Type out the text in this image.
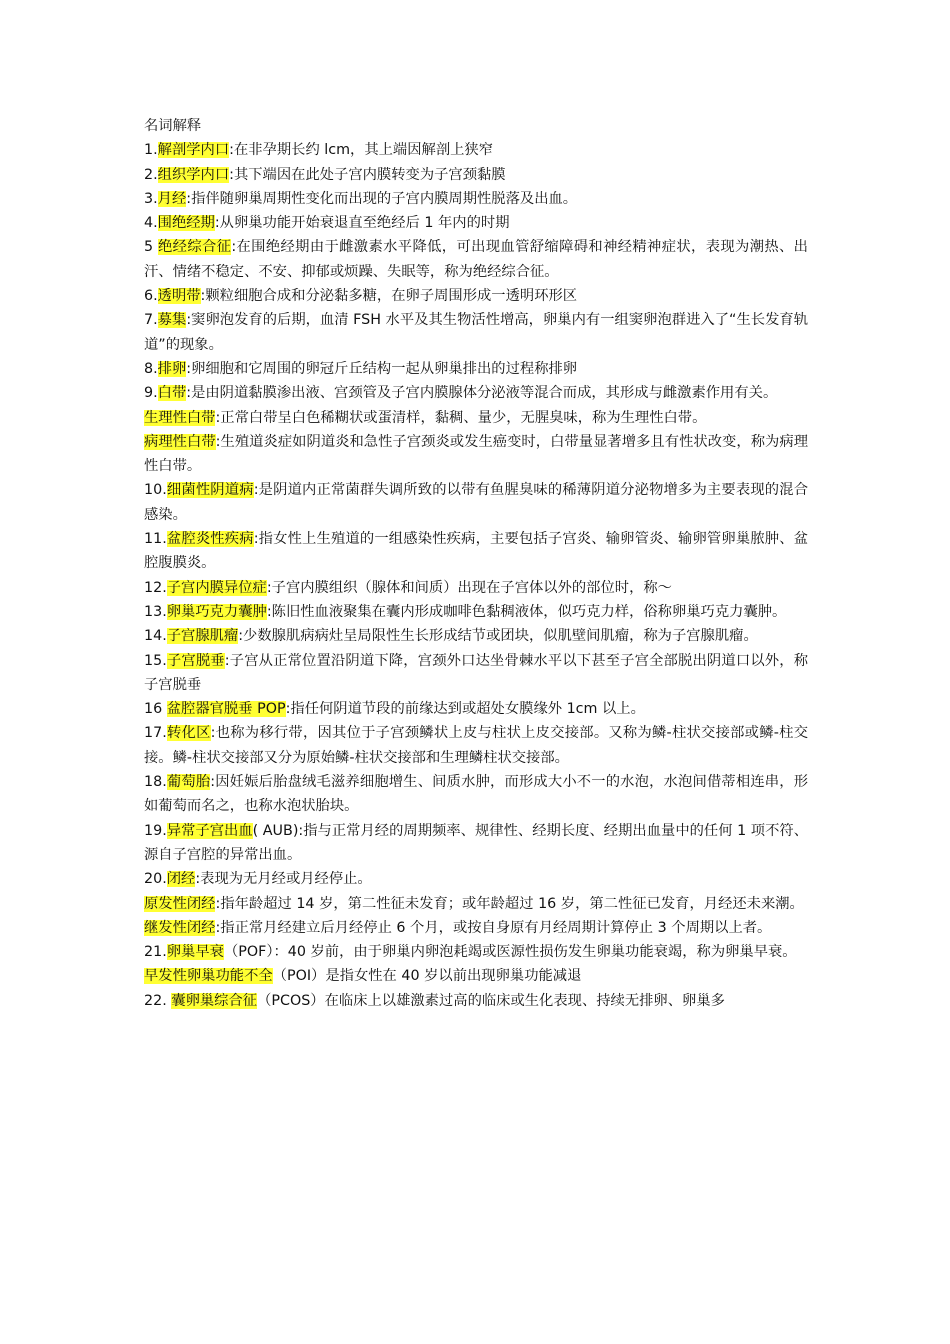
名词解释
1.解剖学内口:在非孕期长约 lcm，其上端因解剖上狭窄
2.组织学内口:其下端因在此处子宫内膜转变为子宫颈黏膜
3.月经:指伴随卵巢周期性变化而出现的子宫内膜周期性脱落及出血。
4.围绝经期:从卵巢功能开始衰退直至绝经后 1 年内的时期
5 绝经综合征:在围绝经期由于雌激素水平降低，可出现血管舒缩障碍和神经精神症状，表现为潮热、出汗、情绪不稳定、不安、抑郁或烦躁、失眠等，称为绝经综合征。
6.透明带:颗粒细胞合成和分泌黏多糖，在卵子周围形成一透明环形区
7.募集:窦卵泡发育的后期，血清 FSH 水平及其生物活性增高，卵巢内有一组窦卵泡群进入了“生长发育轨道”的现象。
8.排卵:卵细胞和它周围的卵冠斤丘结构一起从卵巢排出的过程称排卵
9.白带:是由阴道黏膜渗出液、宫颈管及子宫内膜腺体分泌液等混合而成，其形成与雌激素作用有关。
生理性白带:正常白带呈白色稀糊状或蛋清样，黏稠、量少，无腥臭味，称为生理性白带。
病理性白带:生殖道炎症如阴道炎和急性子宫颈炎或发生癌变时，白带量显著增多且有性状改变，称为病理性白带。
10.细菌性阴道病:是阴道内正常菌群失调所致的以带有鱼腥臭味的稀薄阴道分泌物增多为主要表现的混合感染。
11.盆腔炎性疾病:指女性上生殖道的一组感染性疾病，主要包括子宫炎、输卵管炎、输卵管卵巢脓肿、盆腔腹膜炎。
12.子宫内膜异位症:子宫内膜组织（腺体和间质）出现在子宫体以外的部位时，称～
13.卵巢巧克力囊肿:陈旧性血液聚集在囊内形成咖啡色黏稠液体，似巧克力样，俗称卵巢巧克力囊肿。
14.子宫腺肌瘤:少数腺肌病病灶呈局限性生长形成结节或团块，似肌壁间肌瘤，称为子宫腺肌瘤。
15.子宫脱垂:子宫从正常位置沿阴道下降，宫颈外口达坐骨棘水平以下甚至子宫全部脱出阴道口以外，称子宫脱垂
16 盆腔器官脱垂 POP:指任何阴道节段的前缘达到或超处女膜缘外 1cm 以上。
17.转化区:也称为移行带，因其位于子宫颈鳞状上皮与柱状上皮交接部。又称为鳞-柱状交接部或鳞-柱交接。鳞-柱状交接部又分为原始鳞-柱状交接部和生理鳞柱状交接部。
18.葡萄胎:因妊娠后胎盘绒毛滋养细胞增生、间质水肿，而形成大小不一的水泡，水泡间借蒂相连串，形如葡萄而名之，也称水泡状胎块。
19.异常子宫出血( AUB):指与正常月经的周期频率、规律性、经期长度、经期出血量中的任何 1 项不符、源自子宫腔的异常出血。
20.闭经:表现为无月经或月经停止。
原发性闭经:指年龄超过 14 岁，第二性征未发育；或年龄超过 16 岁，第二性征已发育，月经还未来潮。
继发性闭经:指正常月经建立后月经停止 6 个月，或按自身原有月经周期计算停止 3 个周期以上者。
21.卵巢早衰（POF）：40 岁前，由于卵巢内卵泡耗竭或医源性损伤发生卵巢功能衰竭，称为卵巢早衰。
早发性卵巢功能不全（POI）是指女性在 40 岁以前出现卵巢功能减退
22. 囊卵巢综合征（PCOS）在临床上以雄激素过高的临床或生化表现、持续无排卵、卵巢多
